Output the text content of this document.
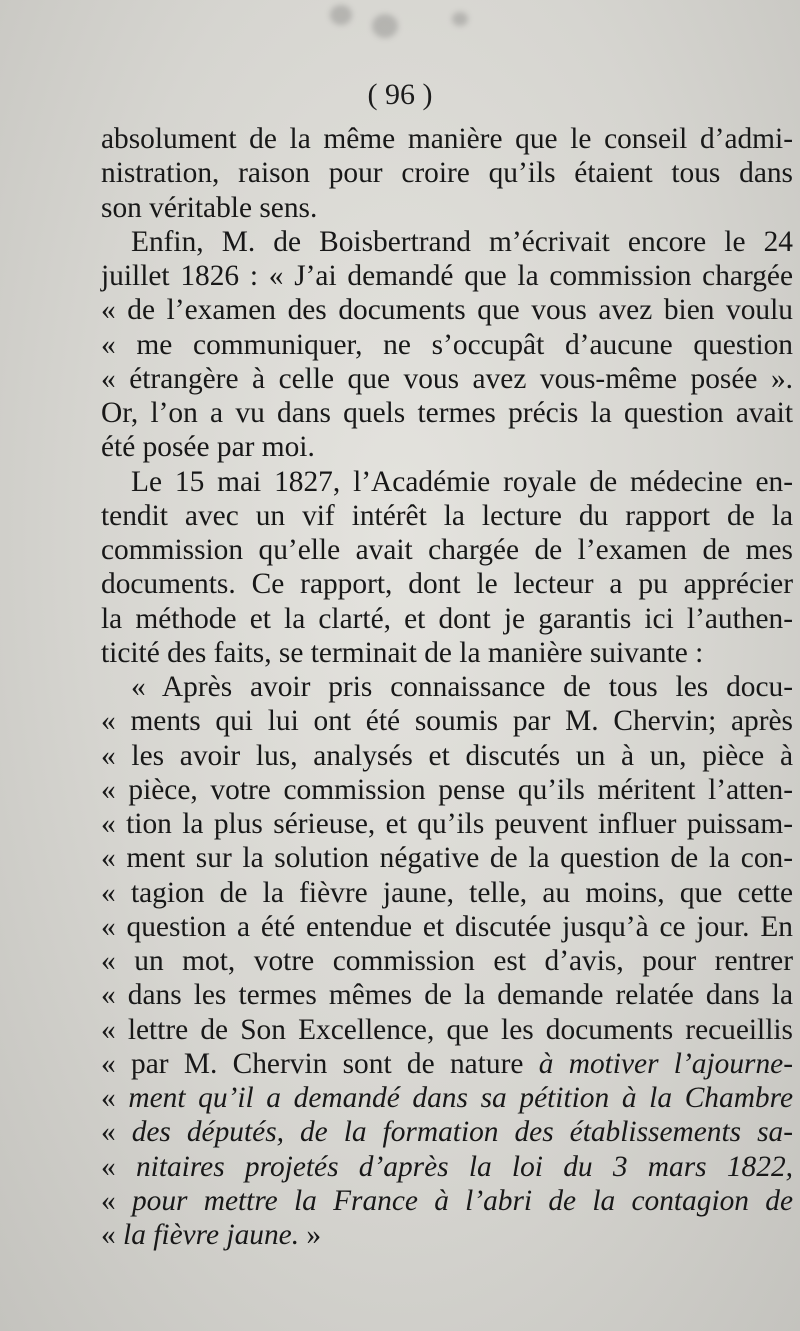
( 96 )
absolument de la même manière que le conseil d’admi-
nistration, raison pour croire qu’ils étaient tous dans
son véritable sens.
Enfin, M. de Boisbertrand m’écrivait encore le 24
juillet 1826 : « J’ai demandé que la commission chargée
« de l’examen des documents que vous avez bien voulu
« me communiquer, ne s’occupât d’aucune question
« étrangère à celle que vous avez vous-même posée ».
Or, l’on a vu dans quels termes précis la question avait
été posée par moi.
Le 15 mai 1827, l’Académie royale de médecine en-
tendit avec un vif intérêt la lecture du rapport de la
commission qu’elle avait chargée de l’examen de mes
documents. Ce rapport, dont le lecteur a pu apprécier
la méthode et la clarté, et dont je garantis ici l’authen-
ticité des faits, se terminait de la manière suivante :
« Après avoir pris connaissance de tous les docu-
« ments qui lui ont été soumis par M. Chervin; après
« les avoir lus, analysés et discutés un à un, pièce à
« pièce, votre commission pense qu’ils méritent l’atten-
« tion la plus sérieuse, et qu’ils peuvent influer puissam-
« ment sur la solution négative de la question de la con-
« tagion de la fièvre jaune, telle, au moins, que cette
« question a été entendue et discutée jusqu’à ce jour. En
« un mot, votre commission est d’avis, pour rentrer
« dans les termes mêmes de la demande relatée dans la
« lettre de Son Excellence, que les documents recueillis
« par M. Chervin sont de nature à motiver l’ajourne-
« ment qu’il a demandé dans sa pétition à la Chambre
« des députés, de la formation des établissements sa-
« nitaires projetés d’après la loi du 3 mars 1822,
« pour mettre la France à l’abri de la contagion de
« la fièvre jaune. »
